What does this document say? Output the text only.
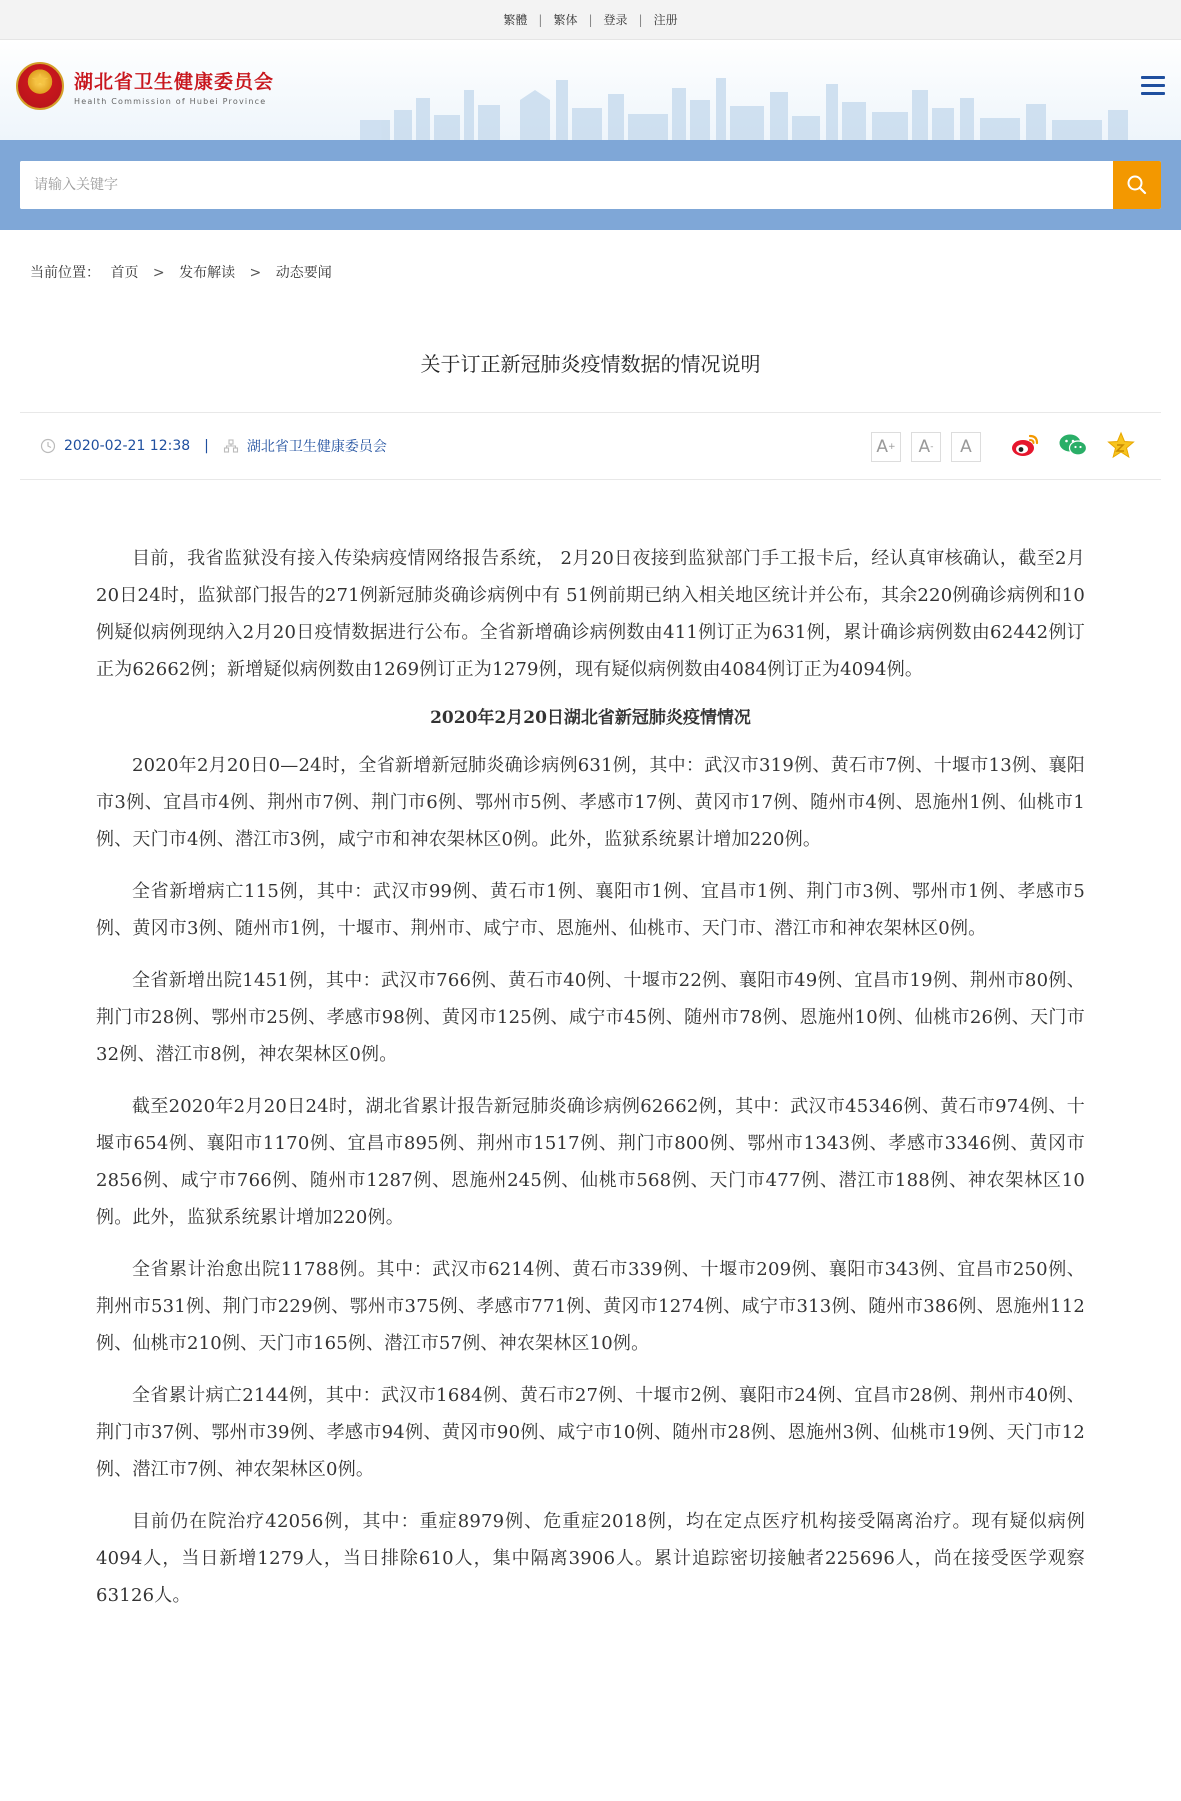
繁體 | 繁体 | 登录 | 注册
湖北省卫生健康委员会
Health Commission of Hubei Province
请输入关键字
当前位置： 首页 > 发布解读 > 动态要闻
关于订正新冠肺炎疫情数据的情况说明
2020-02-21 12:38 |	湖北省卫生健康委员会	A + A - A

目前，我省监狱没有接入传染病疫情网络报告系统， 2月20日夜接到监狱部门手工报卡后，经认真审核确认，截至2月20日24时，监狱部门报告的271例新冠肺炎确诊病例中有 51例前期已纳入相关地区统计并公布，其余220例确诊病例和10例疑似病例现纳入2月20日疫情数据进行公布。全省新增确诊病例数由411例订正为631例，累计确诊病例数由62442例订正为62662例；新增疑似病例数由1269例订正为1279例，现有疑似病例数由4084例订正为4094例。

2020年2月20日湖北省新冠肺炎疫情情况

2020年2月20日0—24时，全省新增新冠肺炎确诊病例631例，其中：武汉市319例、黄石市7例、十堰市13例、襄阳市3例、宜昌市4例、荆州市7例、荆门市6例、鄂州市5例、孝感市17例、黄冈市17例、随州市4例、恩施州1例、仙桃市1例、天门市4例、潜江市3例，咸宁市和神农架林区0例。此外，监狱系统累计增加220例。

全省新增病亡115例，其中：武汉市99例、黄石市1例、襄阳市1例、宜昌市1例、荆门市3例、鄂州市1例、孝感市5例、黄冈市3例、随州市1例，十堰市、荆州市、咸宁市、恩施州、仙桃市、天门市、潜江市和神农架林区0例。

全省新增出院1451例，其中：武汉市766例、黄石市40例、十堰市22例、襄阳市49例、宜昌市19例、荆州市80例、荆门市28例、鄂州市25例、孝感市98例、黄冈市125例、咸宁市45例、随州市78例、恩施州10例、仙桃市26例、天门市32例、潜江市8例，神农架林区0例。

截至2020年2月20日24时，湖北省累计报告新冠肺炎确诊病例62662例，其中：武汉市45346例、黄石市974例、十堰市654例、襄阳市1170例、宜昌市895例、荆州市1517例、荆门市800例、鄂州市1343例、孝感市3346例、黄冈市2856例、咸宁市766例、随州市1287例、恩施州245例、仙桃市568例、天门市477例、潜江市188例、神农架林区10例。此外，监狱系统累计增加220例。

全省累计治愈出院11788例。其中：武汉市6214例、黄石市339例、十堰市209例、襄阳市343例、宜昌市250例、荆州市531例、荆门市229例、鄂州市375例、孝感市771例、黄冈市1274例、咸宁市313例、随州市386例、恩施州112例、仙桃市210例、天门市165例、潜江市57例、神农架林区10例。

全省累计病亡2144例，其中：武汉市1684例、黄石市27例、十堰市2例、襄阳市24例、宜昌市28例、荆州市40例、荆门市37例、鄂州市39例、孝感市94例、黄冈市90例、咸宁市10例、随州市28例、恩施州3例、仙桃市19例、天门市12例、潜江市7例、神农架林区0例。

目前仍在院治疗42056例，其中：重症8979例、危重症2018例，均在定点医疗机构接受隔离治疗。现有疑似病例4094人，当日新增1279人，当日排除610人，集中隔离3906人。累计追踪密切接触者225696人，尚在接受医学观察63126人。
